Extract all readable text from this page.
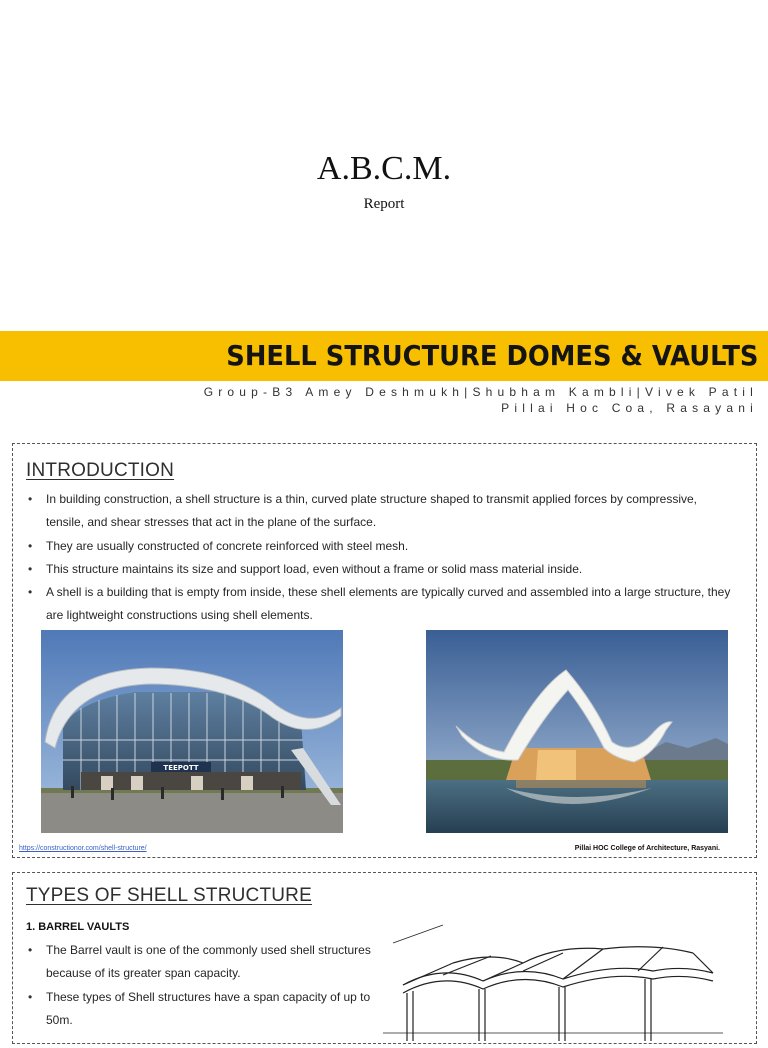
A.B.C.M.
Report
SHELL STRUCTURE DOMES & VAULTS
Group-B3 Amey Deshmukh|Shubham Kambli|Vivek Patil
Pillai Hoc Coa, Rasayani
INTRODUCTION
• In building construction, a shell structure is a thin, curved plate structure shaped to transmit applied forces by compressive, tensile, and shear stresses that act in the plane of the surface.
• They are usually constructed of concrete reinforced with steel mesh.
• This structure maintains its size and support load, even without a frame or solid mass material inside.
• A shell is a building that is empty from inside, these shell elements are typically curved and assembled into a large structure, they are lightweight constructions using shell elements.
TEEPOTT
https://constructionor.com/shell-structure/	Pillai HOC College of Architecture, Rasyani.
TYPES OF SHELL STRUCTURE
1. BARREL VAULTS
• The Barrel vault is one of the commonly used shell structures because of its greater span capacity.
• These types of Shell structures have a span capacity of up to 50m.
